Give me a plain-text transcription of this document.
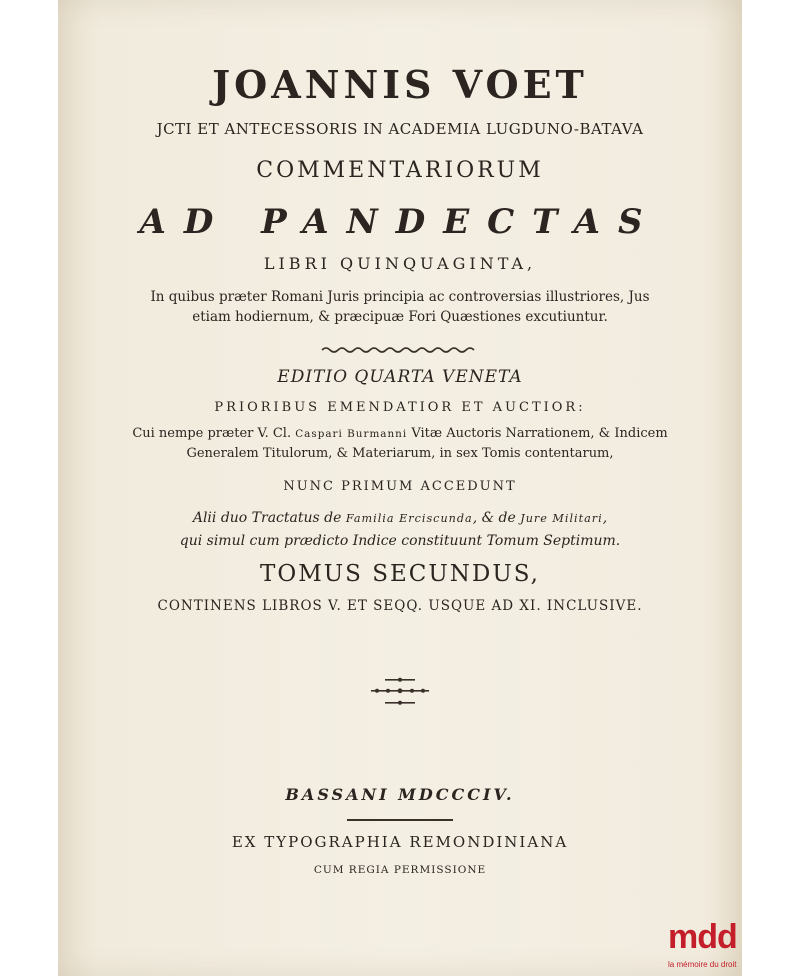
JOANNIS VOET
JCTI ET ANTECESSORIS IN ACADEMIA LUGDUNO-BATAVA
COMMENTARIORUM
AD PANDECTAS
LIBRI QUINQUAGINTA,
In quibus præter Romani Juris principia ac controversias illustriores, Jus
etiam hodiernum, & præcipuæ Fori Quæstiones excutiuntur.
EDITIO QUARTA VENETA
PRIORIBUS EMENDATIOR ET AUCTIOR:
Cui nempe præter V. Cl. Caspari Burmanni Vitæ Auctoris Narrationem, & Indicem
Generalem Titulorum, & Materiarum, in sex Tomis contentarum,
NUNC PRIMUM ACCEDUNT
Alii duo Tractatus de Familia Erciscunda, & de Jure Militari,
qui simul cum prædicto Indice constituunt Tomum Septimum.
TOMUS SECUNDUS,
CONTINENS LIBROS V. ET SEQQ. USQUE AD XI. INCLUSIVE.
BASSANI MDCCCIV.
EX TYPOGRAPHIA REMONDINIANA
CUM REGIA PERMISSIONE
mdd
la mémoire du droit
